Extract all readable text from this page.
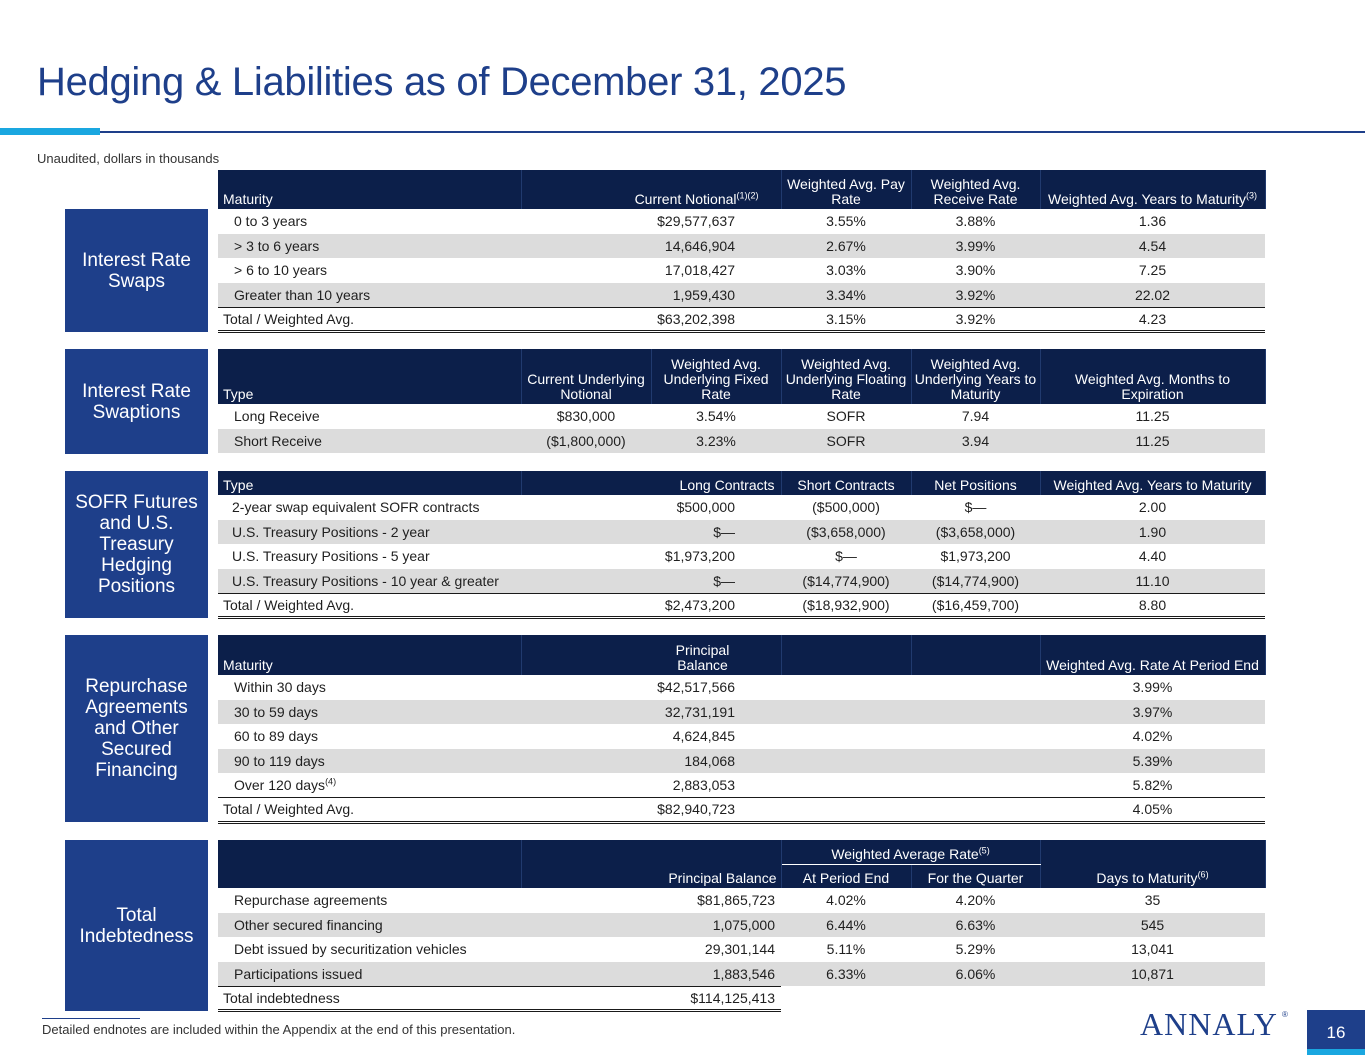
Hedging & Liabilities as of December 31, 2025
Unaudited, dollars in thousands
Interest Rate Swaps
Maturity	Current Notional$^{(1)(2)}$	Weighted Avg. Pay Rate	Weighted Avg. Receive Rate	Weighted Avg. Years to Maturity$^{(3)}$
0 to 3 years	$29,577,637	3.55%	3.88%	1.36
> 3 to 6 years	14,646,904	2.67%	3.99%	4.54
> 6 to 10 years	17,018,427	3.03%	3.90%	7.25
Greater than 10 years	1,959,430	3.34%	3.92%	22.02
Total / Weighted Avg.	$63,202,398	3.15%	3.92%	4.23
Interest Rate Swaptions
Type	Current Underlying Notional	Weighted Avg. Underlying Fixed Rate	Weighted Avg. Underlying Floating Rate	Weighted Avg. Underlying Years to Maturity	Weighted Avg. Months to Expiration
Long Receive	$830,000	3.54%	SOFR	7.94	11.25
Short Receive	($1,800,000)	3.23%	SOFR	3.94	11.25
SOFR Futures and U.S. Treasury Hedging Positions
Type	Long Contracts	Short Contracts	Net Positions	Weighted Avg. Years to Maturity
2-year swap equivalent SOFR contracts	$500,000	($500,000)	$—	2.00
U.S. Treasury Positions - 2 year	$—	($3,658,000)	($3,658,000)	1.90
U.S. Treasury Positions - 5 year	$1,973,200	$—	$1,973,200	4.40
U.S. Treasury Positions - 10 year & greater	$—	($14,774,900)	($14,774,900)	11.10
Total / Weighted Avg.	$2,473,200	($18,932,900)	($16,459,700)	8.80
Repurchase Agreements and Other Secured Financing
Maturity	Principal Balance			Weighted Avg. Rate At Period End
Within 30 days	$42,517,566			3.99%
30 to 59 days	32,731,191			3.97%
60 to 89 days	4,624,845			4.02%
90 to 119 days	184,068			5.39%
Over 120 days$^{(4)}$	2,883,053			5.82%
Total / Weighted Avg.	$82,940,723			4.05%
Total Indebtedness
	Principal Balance	Weighted Average Rate$^{(5)}$		Days to Maturity$^{(6)}$
		At Period End	For the Quarter	
Repurchase agreements	$81,865,723	4.02%	4.20%	35
Other secured financing	1,075,000	6.44%	6.63%	545
Debt issued by securitization vehicles	29,301,144	5.11%	5.29%	13,041
Participations issued	1,883,546	6.33%	6.06%	10,871
Total indebtedness	$114,125,413			
Detailed endnotes are included within the Appendix at the end of this presentation.	ANNALY ®
16
